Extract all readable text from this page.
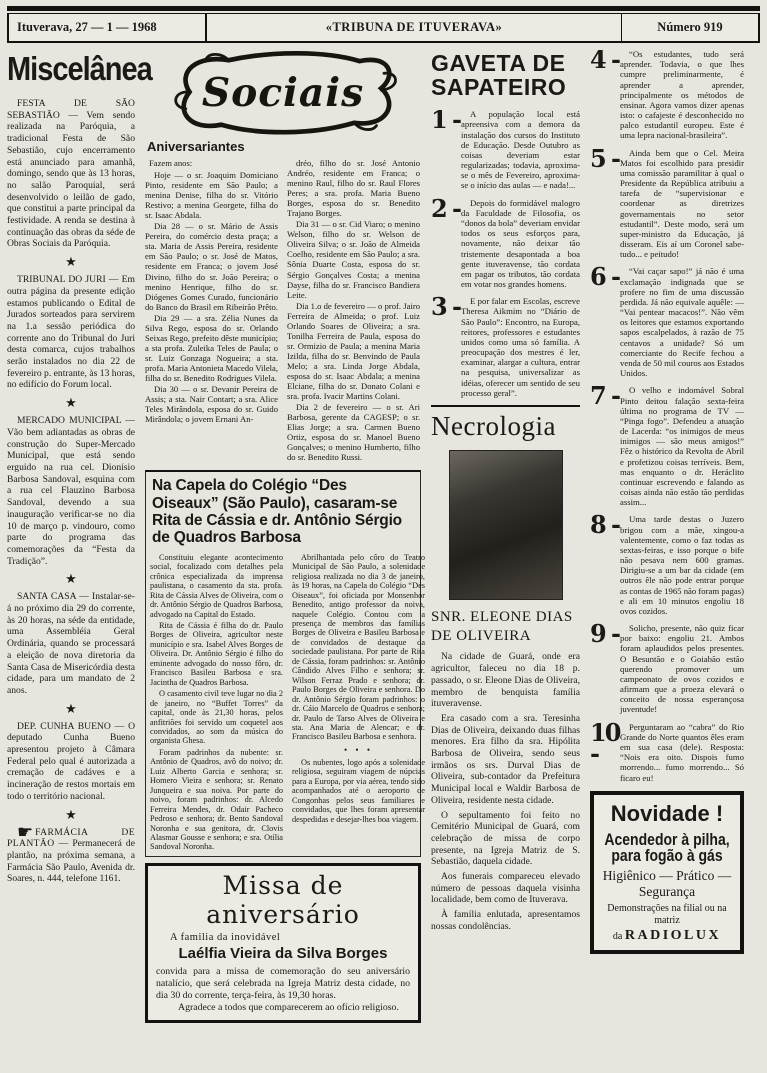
Ituverava, 27 — 1 — 1968	«TRIBUNA DE ITUVERAVA»	Número 919
Miscelânea

FESTA DE SÃO SEBASTIÃO — Vem sendo realizada na Paróquia, a tradicional Festa de São Sebastião, cujo encerramento está anunciado para amanhã, domingo, sendo que às 13 horas, no salão Paroquial, será desenvolvido o leilão de gado, que constitui a parte principal da festividade. A renda se destina à continuação das obras da séde de Obras Sociais da Paróquia.

★

TRIBUNAL DO JURI — Em outra página da presente edição estamos publicando o Edital de Jurados sorteados para servirem na 1.a sessão periódica do corrente ano do Tribunal do Juri desta comarca, cujos trabalhos serão instalados no dia 22 de fevereiro p. entrante, às 13 horas, no edifício do Forum local.

★

MERCADO MUNICIPAL — Vão bem adiantadas as obras de construção do Super-Mercado Municipal, que está sendo erguido na rua cel. Dionísio Barbosa Sandoval, esquina com a rua cel Flauzino Barbosa Sandoval, devendo a sua inauguração verificar-se no dia 10 de março p. vindouro, como parte do programa das comemorações da “Festa da Tradição”.

★

SANTA CASA — Instalar-se-á no próximo dia 29 do corrente, às 20 horas, na séde da entidade, uma Assembléia Geral Ordinária, quando se processará a eleição de nova diretoria da Santa Casa de Misericórdia desta cidade, para um mandato de 2 anos.

★

DEP. CUNHA BUENO — O deputado Cunha Bueno apresentou projeto à Câmara Federal pelo qual é autorizada a cremação de cadáves e a incineração de restos mortais em todo o território nacional.

★

☛ FARMÁCIA DE PLANTÃO — Permanecerá de plantão, na próxima semana, a Farmácia São Paulo, Avenida dr. Soares, n. 444, telefone 1161.

Sociais
Aniversariantes

Fazem anos:

Hoje — o sr. Joaquim Domiciano Pinto, residente em São Paulo; a menina Denise, filha do sr. Vitório Restivo; a menina Georgete, filha do sr. Isaac Abdala.

Dia 28 — o sr. Mário de Assis Pereira, do comércio desta praça; a sta. Maria de Assis Pereira, residente em São Paulo; o sr. José de Matos, residente em Franca; o jovem José Divino, filho do sr. João Pereira; o menino Henrique, filho do sr. Diógenes Gomes Curado, funcionário do Banco do Brasil em Ribeirão Prêto.

Dia 29 — a sra. Zélia Nunes da Silva Rego, esposa do sr. Orlando Seixas Rego, prefeito dêste município; a sta profa. Zuleika Teles de Paula; o sr. Luiz Gonzaga Nogueira; a sta. profa. Maria Antonieta Macedo Vilela, filha do sr. Benedito Rodrigues Vilela.

Dia 30 — o sr. Devanir Pereira de Assis; a sta. Nair Contart; a sra. Alice Teles Mirândola, esposa do sr. Guido Mirândola; o jovem Ernani An-

dréo, filho do sr. José Antonio Andréo, residente em Franca; o menino Raul, filho do sr. Raul Flores Peres; a sra. profa. Maria Bueno Borges, esposa do sr. Benedito Trajano Borges.

Dia 31 — o sr. Cid Viaro; o menino Welson, filho do sr. Welson de Oliveira Silva; o sr. João de Almeida Coelho, residente em São Paulo; a sra. Sônia Duarte Costa, esposa do sr. Sérgio Gonçalves Costa; a menina Dayse, filha do sr. Francisco Bandiera Leite.

Dia 1.o de fevereiro — o prof. Jairo Ferreira de Almeida; o prof. Luiz Orlando Soares de Oliveira; a sra. Tonilha Ferreira de Paula, esposa do sr. Ormizio de Paula; a menina Maria Izilda, filha do sr. Benvindo de Paula Melo; a sra. Linda Jorge Abdala, esposa do sr. Isaac Abdala; a menina Elciane, filha do sr. Donato Colani e sra. profa. Ivacir Martins Colani.

Dia 2 de fevereiro — o sr. Ari Barbosa, gerente da CAGESP; o sr. Elias Jorge; a sra. Carmen Bueno Ortiz, esposa do sr. Manoel Bueno Gonçalves; o menino Humberto, filho do sr. Benedito Russi.

Na Capela do Colégio “Des Oiseaux” (São Paulo), casaram-se Rita de Cássia e dr. Antônio Sérgio de Quadros Barbosa

Constituiu elegante acontecimento social, focalizado com detalhes pela crônica especializada da imprensa paulistana, o casamento da sta. profa. Rita de Cássia Alves de Oliveira, com o dr. Antônio Sérgio de Quadros Barbosa, advogado na Capital do Estado.

Rita de Cássia é filha do dr. Paulo Borges de Oliveira, agricultor neste município e sra. Isabel Alves Borges de Oliveira. Dr. Antônio Sérgio é filho do eminente advogado do nosso fôro, dr. Francisco Basileu Barbosa e sra. Jacintha de Quadros Barbosa.

O casamento civil teve lugar no dia 2 de janeiro, no “Buffet Torres” da capital, onde às 21,30 horas, pelos anfitriões foi servido um coquetel aos convidados, ao som da música do organista Ghesa.

Foram padrinhos da nubente: sr. Antônio de Quadros, avô do noivo; dr. Luiz Alberto Garcia e senhora; sr. Homero Vieira e senhora; sr. Renato Junqueira e sua noiva. Por parte do noivo, foram padrinhos: dr. Alcedo Ferreira Mendes, dr. Odair Pacheco Pedroso e senhora; dr. Bento Sandoval Noronha e sua genitora, dr. Clovis Alasmar Gousse e senhora; e sra. Otília Sandoval Noronha.

Abrilhantada pelo côro do Teatro Municipal de São Paulo, a solenidade religiosa realizada no dia 3 de janeiro, às 19 horas, na Capela do Colégio “Des Oiseaux”, foi oficiada por Monsenhor Benedito, antigo professor da noiva, naquele Colégio. Contou com a presença de membros das famílias Borges de Oliveira e Basileu Barbosa e de convidados de destaque da sociedade paulistana. Por parte de Rita de Cássia, foram padrinhos: sr. Antônio Cândido Alves Filho e senhora; sr. Wilson Ferraz Prado e senhora; dr. Paulo Borges de Oliveira e senhora. Do dr. Antônio Sérgio foram padrinhos: o dr. Cáio Marcelo de Quadros e senhora; dr. Paulo de Tarso Alves de Oliveira e sta. Ana Maria de Alencar; e dr. Francisco Basileu Barbosa e senhora.

• • •

Os nubentes, logo após a solenidade religiosa, seguiram viagem de núpcias para a Europa, por via aérea, tendo sido acompanhados até o aeroporto de Congonhas pelos seus familiares e convidados, que lhes foram apresentar despedidas e desejar-lhes boa viagem.

Missa de aniversário
A familia da inovidável
Laélfia Vieira da Silva Borges

convida para a missa de comemoração do seu aniversário natalício, que será celebrada na Igreja Matriz desta cidade, no dia 30 do corrente, terça-feira, às 19,30 horas.

Agradece a todos que comparecerem ao ofício religioso.

GAVETA DE SAPATEIRO
1 -	A população local está apreensiva com a demora da instalação dos cursos do Instituto de Educação. Desde Outubro as coisas deveriam estar regularizadas; todavia, aproxima-se o mês de Fevereiro, aproxima-se o início das aulas — e nada!...
2 -	Depois do formidável malogro da Faculdade de Filosofia, os “donos da bola” deveriam envidar todos os seus esforços para, novamente, não deixar tão tristemente desapontada a boa gente ituveravense, tão cordata em pagar os tributos, tão cordata em votar nos grandes homens.
3 -	E por falar em Escolas, escreve Theresa Aikmim no “Diário de São Paulo”: Encontro, na Europa, reitores, professores e estudantes unidos como uma só família. A preocupação dos mestres é ler, examinar, alargar a cultura, entrar na pesquisa, universalizar as idéias, oferecer um sentido de seu processo geral”.
Necrologia
SNR. ELEONE DIAS DE OLIVEIRA

Na cidade de Guará, onde era agricultor, faleceu no dia 18 p. passado, o sr. Eleone Dias de Oliveira, membro de benquista família ituveravense.

Era casado com a sra. Teresinha Dias de Oliveira, deixando duas filhas menores. Era filho da sra. Hipólita Barbosa de Oliveira, sendo seus irmãos os srs. Durval Dias de Oliveira, sub-contador da Prefeitura Municipal local e Waldir Barbosa de Oliveira, residente nesta cidade.

O sepultamento foi feito no Cemitério Municipal de Guará, com celebração de missa de corpo presente, na Igreja Matriz de S. Sebastião, daquela cidade.

Aos funerais compareceu elevado número de pessoas daquela visinha localidade, bem como de Ituverava.

À família enlutada, apresentamos nossas condolências.

4 -	“Os estudantes, tudo será aprender. Todavia, o que lhes cumpre preliminarmente, é aprender a aprender, principalmente os métodos de ensinar. Agora vamos dizer apenas isto: o cafajeste é desconhecido no palco estudantil europeu. Este é uma lepra nacional-brasileira”.
5 -	Ainda bem que o Cel. Meira Matos foi escolhido para presidir uma comissão paramilitar à qual o Presidente da República atribuiu a tarefa de “supervisionar e coordenar as diretrizes governamentais no setor estudantil”. Deste modo, será um super-ministro da Educação, já disseram. Eis aí um Coronel sabe-tudo... e peitudo!
6 -	“Vai caçar sapo!” já não é uma exclamação indignada que se profere no fim de uma discussão perdida. Já não equivale aquêle: — “Vai pentear macacos!”. Não vêm os leitores que estamos exportando sapos escalpelados, à razão de 75 centavos a unidade? Só um comerciante do Recife fechou a venda de 50 mil couros aos Estados Unidos.
7 -	O velho e indomável Sobral Pinto deitou falação sexta-feira última no programa de TV — “Pinga fogo”. Defendeu a atuação de Lacerda: “os inimigos de meus inimigos — são meus amigos!” Fêz o histórico da Revolta de Abril e profetizou coisas terríveis. Bem, mas enquanto o dr. Heráclito continuar escrevendo e falando as coisas ainda não estão tão perdidas assim...
8 -	Uma tarde destas o Juzero brigou com a mãe, xingou-a valentemente, como o faz todas as sextas-feiras, e isso porque o bife não pesava nem 600 gramas. Dirigiu-se a um bar da cidade (em outros êle não pode entrar porque as contas de 1965 não foram pagas) e ali em 10 minutos engoliu 18 ovos cozidos.
9 -	Solicho, presente, não quiz ficar por baixo: engoliu 21. Ambos foram aplaudidos pelos presentes. O Besuntão e o Goiabão estão querendo promover um campeonato de ovos cozidos e afirmam que a proeza elevará o conceito de nossa esperançosa juventude!
10 -
Perguntaram ao “cabra” do Rio Grande do Norte quantos êles eram em sua casa (dele). Resposta: “Nois era oito. Dispois fumo morrendo... fumo morrendo... Só ficaro eu!
Novidade !
Acendedor à pilha,
para fogão à gás
Higiênico — Prático — Segurança
Demonstrações na filial ou na matriz
da RADIOLUX
